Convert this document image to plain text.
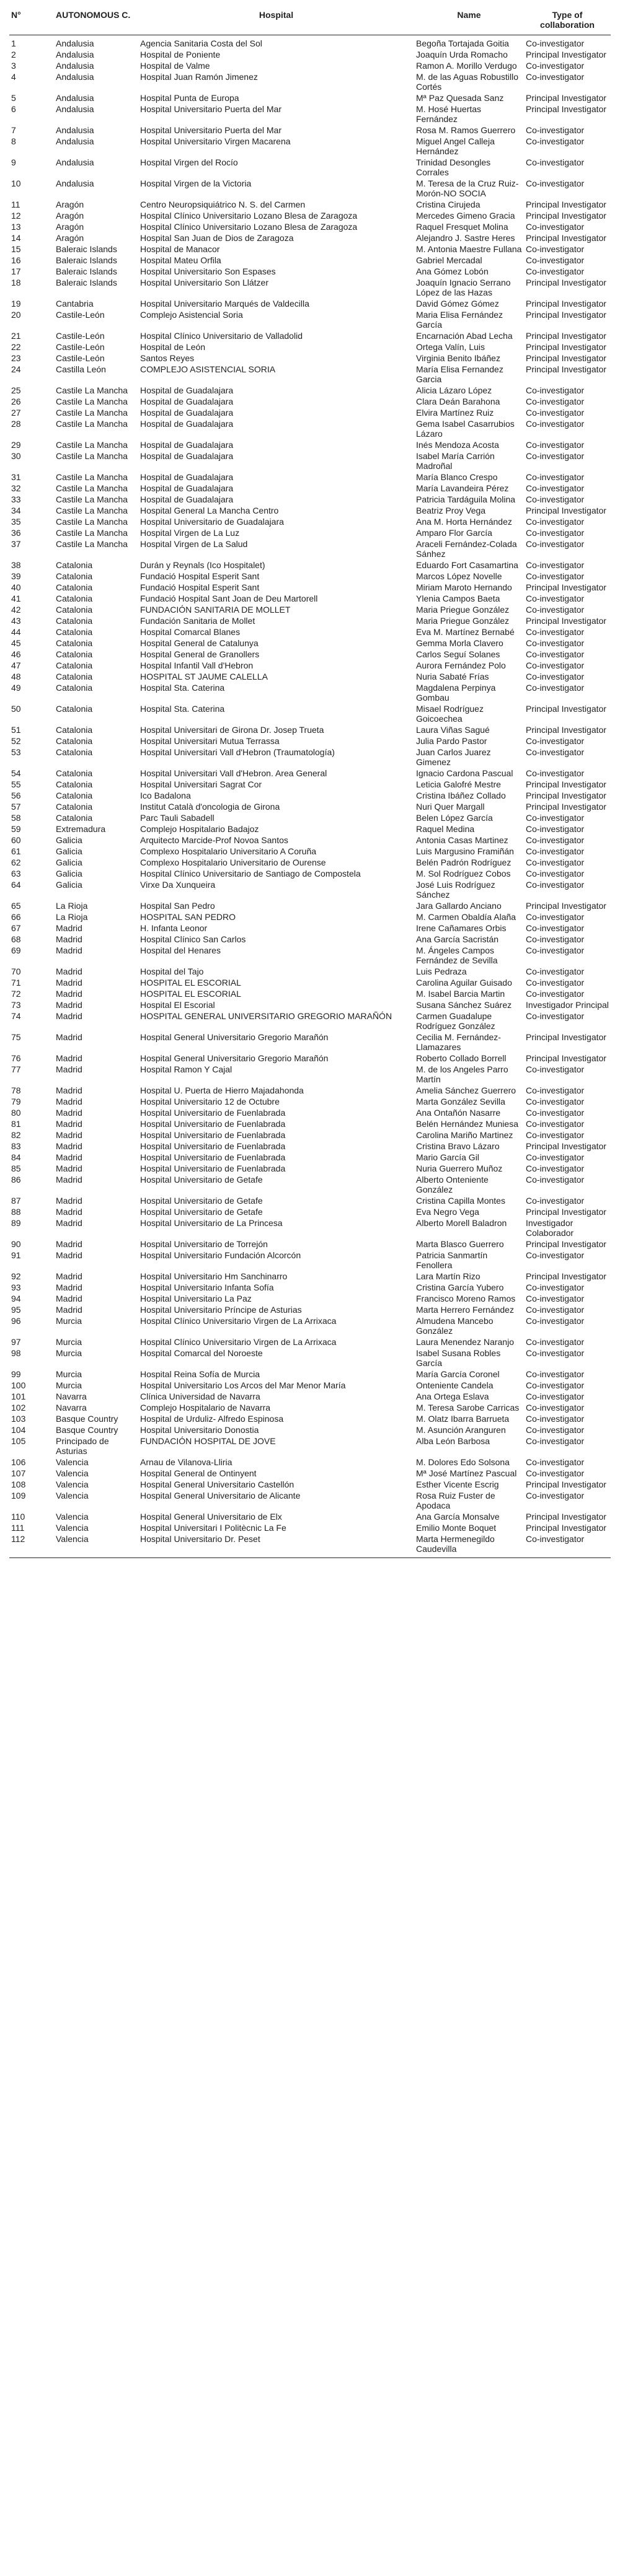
N°	AUTONOMOUS C.	Hospital	Name	Type of collaboration
1	Andalusia	Agencia Sanitaria Costa del Sol	Begoña Tortajada Goitia	Co-investigator
2	Andalusia	Hospital de Poniente	Joaquín Urda Romacho	Principal Investigator
3	Andalusia	Hospital de Valme	Ramon A. Morillo Verdugo	Co-investigator
4	Andalusia	Hospital Juan Ramón Jimenez	M. de las Aguas Robustillo Cortés	Co-investigator
5	Andalusia	Hospital Punta de Europa	Mª Paz Quesada Sanz	Principal Investigator
6	Andalusia	Hospital Universitario Puerta del Mar	M. Hosé Huertas Fernández	Principal Investigator
7	Andalusia	Hospital Universitario Puerta del Mar	Rosa M. Ramos Guerrero	Co-investigator
8	Andalusia	Hospital Universitario Virgen Macarena	Miguel Angel Calleja Hernández	Co-investigator
9	Andalusia	Hospital Virgen del Rocío	Trinidad Desongles Corrales	Co-investigator
10	Andalusia	Hospital Virgen de la Victoria	M. Teresa de la Cruz Ruiz-Morón-NO SOCIA	Co-investigator
11	Aragón	Centro Neuropsiquiátrico N. S. del Carmen	Cristina Cirujeda	Principal Investigator
12	Aragón	Hospital Clínico Universitario Lozano Blesa de Zaragoza	Mercedes Gimeno Gracia	Principal Investigator
13	Aragón	Hospital Clínico Universitario Lozano Blesa de Zaragoza	Raquel Fresquet Molina	Co-investigator
14	Aragón	Hospital San Juan de Dios de Zaragoza	Alejandro J. Sastre Heres	Principal Investigator
15	Baleraic Islands	Hospital de Manacor	M. Antonia Maestre Fullana	Co-investigator
16	Baleraic Islands	Hospital Mateu Orfila	Gabriel Mercadal	Co-investigator
17	Baleraic Islands	Hospital Universitario Son Espases	Ana Gómez Lobón	Co-investigator
18	Baleraic Islands	Hospital Universitario Son Llátzer	Joaquín Ignacio Serrano López de las Hazas	Principal Investigator
19	Cantabria	Hospital Universitario Marqués de Valdecilla	David Gómez Gómez	Principal Investigator
20	Castile-León	Complejo Asistencial Soria	Maria Elisa Fernández García	Principal Investigator
21	Castile-León	Hospital Clínico Universitario de Valladolid	Encarnación Abad Lecha	Principal Investigator
22	Castile-León	Hospital de León	Ortega Valín, Luis	Principal Investigator
23	Castile-León	Santos Reyes	Virginia Benito Ibáñez	Principal Investigator
24	Castilla León	COMPLEJO ASISTENCIAL SORIA	María Elisa Fernandez Garcia	Principal Investigator
25	Castile La Mancha	Hospital de Guadalajara	Alicia Lázaro López	Co-investigator
26	Castile La Mancha	Hospital de Guadalajara	Clara Deán Barahona	Co-investigator
27	Castile La Mancha	Hospital de Guadalajara	Elvira Martínez Ruiz	Co-investigator
28	Castile La Mancha	Hospital de Guadalajara	Gema Isabel Casarrubios Lázaro	Co-investigator
29	Castile La Mancha	Hospital de Guadalajara	Inés Mendoza Acosta	Co-investigator
30	Castile La Mancha	Hospital de Guadalajara	Isabel María Carrión Madroñal	Co-investigator
31	Castile La Mancha	Hospital de Guadalajara	María Blanco Crespo	Co-investigator
32	Castile La Mancha	Hospital de Guadalajara	María Lavandeira Pérez	Co-investigator
33	Castile La Mancha	Hospital de Guadalajara	Patricia Tardáguila Molina	Co-investigator
34	Castile La Mancha	Hospital General La Mancha Centro	Beatriz Proy Vega	Principal Investigator
35	Castile La Mancha	Hospital Universitario de Guadalajara	Ana M. Horta Hernández	Co-investigator
36	Castile La Mancha	Hospital Virgen de La Luz	Amparo Flor García	Co-investigator
37	Castile La Mancha	Hospital Virgen de La Salud	Araceli Fernández-Colada Sánhez	Co-investigator
38	Catalonia	Durán y Reynals (Ico Hospitalet)	Eduardo Fort Casamartina	Co-investigator
39	Catalonia	Fundació Hospital Esperit Sant	Marcos López Novelle	Co-investigator
40	Catalonia	Fundació Hospital Esperit Sant	Miriam Maroto Hernando	Principal Investigator
41	Catalonia	Fundació Hospital Sant Joan de Deu Martorell	Ylenia Campos Baeta	Co-investigator
42	Catalonia	FUNDACIÓN SANITARIA DE MOLLET	Maria Priegue González	Co-investigator
43	Catalonia	Fundación Sanitaria de Mollet	Maria Priegue González	Principal Investigator
44	Catalonia	Hospital Comarcal Blanes	Eva M. Martínez Bernabé	Co-investigator
45	Catalonia	Hospital General de Catalunya	Gemma Morla Clavero	Co-investigator
46	Catalonia	Hospital General de Granollers	Carlos Seguí Solanes	Co-investigator
47	Catalonia	Hospital Infantil Vall d'Hebron	Aurora Fernández Polo	Co-investigator
48	Catalonia	HOSPITAL ST JAUME CALELLA	Nuria Sabaté Frías	Co-investigator
49	Catalonia	Hospital Sta. Caterina	Magdalena Perpinya Gombau	Co-investigator
50	Catalonia	Hospital Sta. Caterina	Misael Rodríguez Goicoechea	Principal Investigator
51	Catalonia	Hospital Universitari de Girona Dr. Josep Trueta	Laura Viñas Sagué	Principal Investigator
52	Catalonia	Hospital Universitari Mutua Terrassa	Julia Pardo Pastor	Co-investigator
53	Catalonia	Hospital Universitari Vall d'Hebron (Traumatología)	Juan Carlos Juarez Gimenez	Co-investigator
54	Catalonia	Hospital Universitari Vall d'Hebron. Area General	Ignacio Cardona Pascual	Co-investigator
55	Catalonia	Hospital Universitari Sagrat Cor	Leticia Galofré Mestre	Principal Investigator
56	Catalonia	Ico Badalona	Cristina Ibáñez Collado	Principal Investigator
57	Catalonia	Institut Català d'oncologia de Girona	Nuri Quer Margall	Principal Investigator
58	Catalonia	Parc Tauli Sabadell	Belen López García	Co-investigator
59	Extremadura	Complejo Hospitalario Badajoz	Raquel Medina	Co-investigator
60	Galicia	Arquitecto Marcide-Prof Novoa Santos	Antonia Casas Martinez	Co-investigator
61	Galicia	Complexo Hospitalario Universitario A Coruña	Luis Margusino Framiñán	Co-investigator
62	Galicia	Complexo Hospitalario Universitario de Ourense	Belén Padrón Rodríguez	Co-investigator
63	Galicia	Hospital Clínico Universitario de Santiago de Compostela	M. Sol Rodríguez Cobos	Co-investigator
64	Galicia	Virxe Da Xunqueira	José Luis Rodríguez Sánchez	Co-investigator
65	La Rioja	Hospital San Pedro	Jara Gallardo Anciano	Principal Investigator
66	La Rioja	HOSPITAL SAN PEDRO	M. Carmen Obaldía Alaña	Co-investigator
67	Madrid	H. Infanta Leonor	Irene Cañamares Orbis	Co-investigator
68	Madrid	Hospital Clínico San Carlos	Ana García Sacristán	Co-investigator
69	Madrid	Hospital del Henares	M. Ángeles Campos Fernández de Sevilla	Co-investigator
70	Madrid	Hospital del Tajo	Luis Pedraza	Co-investigator
71	Madrid	HOSPITAL EL ESCORIAL	Carolina Aguilar Guisado	Co-investigator
72	Madrid	HOSPITAL EL ESCORIAL	M. Isabel Barcia Martin	Co-investigator
73	Madrid	Hospital El Escorial	Susana Sánchez Suárez	Investigador Principal
74	Madrid	HOSPITAL GENERAL UNIVERSITARIO GREGORIO MARAÑÓN	Carmen Guadalupe Rodríguez González	Co-investigator
75	Madrid	Hospital General Universitario Gregorio Marañón	Cecilia M. Fernández-Llamazares	Principal Investigator
76	Madrid	Hospital General Universitario Gregorio Marañón	Roberto Collado Borrell	Principal Investigator
77	Madrid	Hospital Ramon Y Cajal	M. de los Angeles Parro Martín	Co-investigator
78	Madrid	Hospital U. Puerta de Hierro Majadahonda	Amelia Sánchez Guerrero	Co-investigator
79	Madrid	Hospital Universitario 12 de Octubre	Marta González Sevilla	Co-investigator
80	Madrid	Hospital Universitario de Fuenlabrada	Ana Ontañón Nasarre	Co-investigator
81	Madrid	Hospital Universitario de Fuenlabrada	Belén Hernández Muniesa	Co-investigator
82	Madrid	Hospital Universitario de Fuenlabrada	Carolina Mariño Martinez	Co-investigator
83	Madrid	Hospital Universitario de Fuenlabrada	Cristina Bravo Lázaro	Principal Investigator
84	Madrid	Hospital Universitario de Fuenlabrada	Mario García Gil	Co-investigator
85	Madrid	Hospital Universitario de Fuenlabrada	Nuria Guerrero Muñoz	Co-investigator
86	Madrid	Hospital Universitario de Getafe	Alberto Onteniente González	Co-investigator
87	Madrid	Hospital Universitario de Getafe	Cristina Capilla Montes	Co-investigator
88	Madrid	Hospital Universitario de Getafe	Eva Negro Vega	Principal Investigator
89	Madrid	Hospital Universitario de La Princesa	Alberto Morell Baladron	Investigador Colaborador
90	Madrid	Hospital Universitario de Torrejón	Marta Blasco Guerrero	Principal Investigator
91	Madrid	Hospital Universitario Fundación Alcorcón	Patricia Sanmartín Fenollera	Co-investigator
92	Madrid	Hospital Universitario Hm Sanchinarro	Lara Martín Rizo	Principal Investigator
93	Madrid	Hospital Universitario Infanta Sofía	Cristina García Yubero	Co-investigator
94	Madrid	Hospital Universitario La Paz	Francisco Moreno Ramos	Co-investigator
95	Madrid	Hospital Universitario Príncipe de Asturias	Marta Herrero Fernández	Co-investigator
96	Murcia	Hospital Clínico Universitario Virgen de La Arrixaca	Almudena Mancebo González	Co-investigator
97	Murcia	Hospital Clínico Universitario Virgen de La Arrixaca	Laura Menendez Naranjo	Co-investigator
98	Murcia	Hospital Comarcal del Noroeste	Isabel Susana Robles García	Co-investigator
99	Murcia	Hospital Reina Sofía de Murcia	María García Coronel	Co-investigator
100	Murcia	Hospital Universitario Los Arcos del Mar Menor María	Onteniente Candela	Co-investigator
101	Navarra	Clínica Universidad de Navarra	Ana Ortega Eslava	Co-investigator
102	Navarra	Complejo Hospitalario de Navarra	M. Teresa Sarobe Carricas	Co-investigator
103	Basque Country	Hospital de Urduliz- Alfredo Espinosa	M. Olatz Ibarra Barrueta	Co-investigator
104	Basque Country	Hospital Universitario Donostia	M. Asunción Aranguren	Co-investigator
105	Principado de Asturias	FUNDACIÓN HOSPITAL DE JOVE	Alba León Barbosa	Co-investigator
106	Valencia	Arnau de Vilanova-Lliria	M. Dolores Edo Solsona	Co-investigator
107	Valencia	Hospital General de Ontinyent	Mª José Martínez Pascual	Co-investigator
108	Valencia	Hospital General Universitario Castellón	Esther Vicente Escrig	Principal Investigator
109	Valencia	Hospital General Universitario de Alicante	Rosa Ruiz Fuster de Apodaca	Co-investigator
110	Valencia	Hospital General Universitario de Elx	Ana García Monsalve	Principal Investigator
111	Valencia	Hospital Universitari I Politècnic La Fe	Emilio Monte Boquet	Principal Investigator
112	Valencia	Hospital Universitario Dr. Peset	Marta Hermenegildo Caudevilla	Co-investigator
